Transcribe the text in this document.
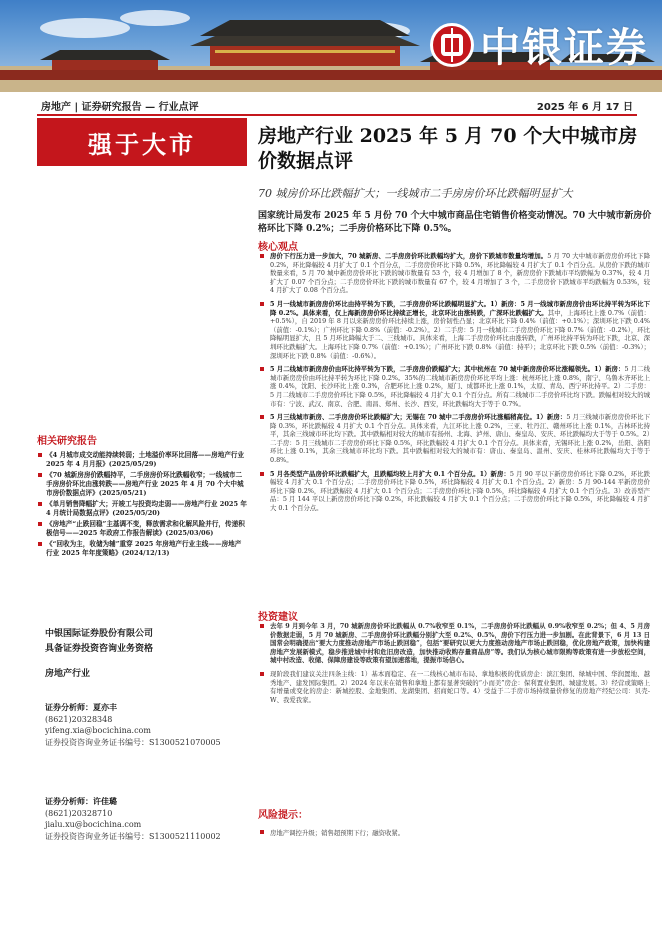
中银证券
房地产 | 证券研究报告 — 行业点评	2025 年 6 月 17 日
强于大市	房地产行业 2025 年 5 月 70 个大中城市房价数据点评
70 城房价环比跌幅扩大；一线城市二手房房价环比跌幅明显扩大
国家统计局发布 2025 年 5 月份 70 个大中城市商品住宅销售价格变动情况。70 大中城市新房价格环比下降 0.2%；二手房价格环比下降 0.5%。
核心观点
房价下行压力进一步加大，70 城新房、二手房房价环比跌幅均扩大，房价下跌城市数量均增加。5 月 70 大中城市新房房价环比下降 0.2%，环比降幅较 4 月扩大了 0.1 个百分点，二手房房价环比下降 0.5%，环比降幅较 4 月扩大了 0.1 个百分点。从房价下跌的城市数量来看，5 月 70 城中新房房价环比下跌的城市数量有 53 个，较 4 月增加了 8 个，新房房价下跌城市平均跌幅为 0.37%，较 4 月扩大了 0.07 个百分点；二手房房价环比下跌的城市数量有 67 个，较 4 月增加了 3 个，二手房房价下跌城市平均跌幅为 0.53%，较 4 月扩大了 0.08 个百分点。
5 月一线城市新房房价环比由持平转为下跌，二手房房价环比跌幅明显扩大。1）新房：5 月一线城市新房房价由环比持平转为环比下降 0.2%。具体来看，仅上海新房房价环比持续正增长，北京环比由涨转跌，广深环比跌幅扩大。其中，上海环比上涨 0.7%（前值：+0.5%），自 2019 年 8 月以来新房房价环比持续上涨，房价韧性凸显；北京环比下降 0.4%（前值：+0.1%）；深圳环比下跌 0.4%（前值：-0.1%）；广州环比下降 0.8%（前值：-0.2%）。2）二手房：5 月一线城市二手房房价环比下降 0.7%（前值：-0.2%），环比降幅明显扩大，且 5 月环比降幅大于二、三线城市。具体来看，上海二手房房价环比由涨转跌，广州环比持平转为环比下跌，北京、深圳环比跌幅扩大。上海环比下降 0.7%（前值：+0.1%）；广州环比下跌 0.8%（前值：持平）；北京环比下跌 0.5%（前值：-0.3%）；深圳环比下跌 0.8%（前值：-0.6%）。
5 月二线城市新房房价由环比持平转为下跌，二手房房价跌幅扩大；其中杭州在 70 城中新房房价环比涨幅领先。1）新房：5 月二线城市新房房价由环比持平转为环比下降 0.2%。35%的二线城市新房房价环比平均上涨：杭州环比上涨 0.8%，南宁、乌鲁木齐环比上涨 0.4%，沈阳、长沙环比上涨 0.3%，合肥环比上涨 0.2%，厦门、成都环比上涨 0.1%，太原、青岛、西宁环比持平。2）二手房：5 月二线城市二手房房价环比下降 0.5%，环比降幅较 4 月扩大 0.1 个百分点。所有二线城市二手房价环比均下跌。跌幅相对较大的城市有：宁波、武汉、南京、合肥、南昌、郑州、长沙、西安，环比跌幅均大于等于 0.7%。
5 月三线城市新房、二手房房价环比跌幅扩大；无锡在 70 城中二手房房价环比涨幅稍高位。1）新房：5 月三线城市新房房价环比下降 0.3%，环比跌幅较 4 月扩大 0.1 个百分点。具体来看，九江环比上涨 0.2%，三亚、牡丹江、赣州环比上涨 0.1%，吉林环比持平，其余三线城市环比均下跌。其中跌幅相对较大的城市有扬州、北海、泸州、唐山、秦皇岛、安庆、环比跌幅均大于等于 0.5%。2）二手房：5 月三线城市二手房房价环比下降 0.5%，环比跌幅较 4 月扩大 0.1 个百分点。具体来看，无锡环比上涨 0.2%，岳阳、洛阳环比上涨 0.1%，其余三线城市环比均下跌。其中跌幅相对较大的城市有：唐山、秦皇岛、温州、安庆、桂林环比跌幅均大于等于 0.8%。
5 月各类型产品房价环比跌幅扩大，且跌幅均较上月扩大 0.1 个百分点。1）新房：5 月 90 平以下新房房价环比下降 0.2%，环比跌幅较 4 月扩大 0.1 个百分点；二手房房价环比下降 0.5%，环比降幅较 4 月扩大 0.1 个百分点。2）新房：5 月 90-144 平新房房价环比下降 0.2%，环比跌幅较 4 月扩大 0.1 个百分点；二手房房价环比下降 0.5%，环比降幅较 4 月扩大 0.1 个百分点。3）改善型产品：5 月 144 平以上新房房价环比下降 0.2%，环比跌幅较 4 月扩大 0.1 个百分点；二手房房价环比下降 0.5%，环比降幅较 4 月扩大 0.1 个百分点。
投资建议
去年 9 月到今年 3 月，70 城新房房价环比跌幅从 0.7%收窄至 0.1%，二手房房价环比跌幅从 0.9%收窄至 0.2%；但 4、5 月房价数据走弱，5 月 70 城新房、二手房房价环比跌幅分别扩大至 0.2%、0.5%，房价下行压力进一步加剧。在此背景下，6 月 13 日国常会明确提出“要大力度推动房地产市场止跌回稳”，包括“要研究以更大力度推动房地产市场止跌回稳，优化房地产政策，加快构建房地产发展新模式，稳步推进城中村和危旧房改造，加快推动收购存量商品房”等。我们认为核心城市限购等政策有进一步放松空间，城中村改造、收储、保障房建设等政策有望加速落地，提振市场信心。
现阶段我们建议关注四条主线：1）基本面稳定、在一二线核心城市布局、拿地积极的优质房企：滨江集团、绿城中国、华润置地、越秀地产、建发国际集团。2）2024 年以来在销售和拿地上都有显著突破的“小而美”房企：保利置业集团、城建发展。3）经营或策略上有增量或变化的房企：新城控股、金地集团、龙湖集团、招商蛇口等。4）受益于二手房市场持续量价修复的房地产经纪公司：贝壳-W、我爱我家。
风险提示：
房地产调控升级；销售超预期下行；融资收紧。
相关研究报告
《4 月城市成交动能持续转弱；土地溢价率环比回落——房地产行业 2025 年 4 月月报》(2025/05/29)
《70 城新房房价跌幅持平，二手房房价环比跌幅收窄；一线城市二手房房价环比由涨转跌——房地产行业 2025 年 4 月 70 个大中城市房价数据点评》(2025/05/21)
《单月销售降幅扩大；开竣工与投资均走弱——房地产行业 2025 年 4 月统计局数据点评》(2025/05/20)
《房地产“止跌回稳”主基调不变，释放需求和化解风险并行，传递积极信号——2025 年政府工作报告解读》(2025/03/06)
《“回收为主，收储为辅”重穿 2025 年房地产行业主线——房地产行业 2025 年年度策略》(2024/12/13)
中银国际证券股份有限公司
具备证券投资咨询业务资格
房地产行业
证券分析师：夏亦丰
(8621)20328348
yifeng.xia@bocichina.com
证券投资咨询业务证书编号：S1300521070005
证券分析师：许佳璐
(8621)20328710
jialu.xu@bocichina.com
证券投资咨询业务证书编号：S1300521110002
